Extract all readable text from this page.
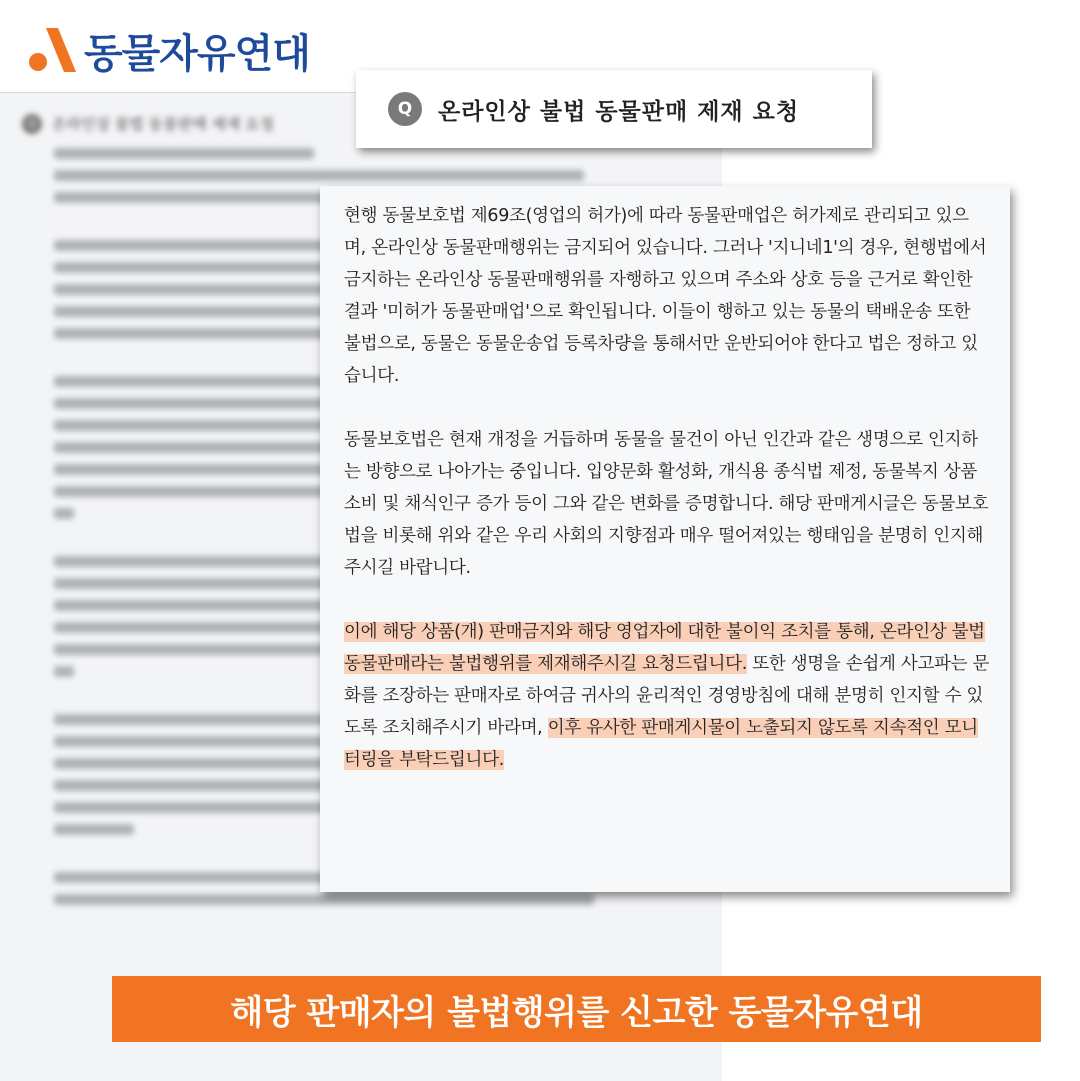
동물자유연대
Q	온라인상 불법 동물판매 제재 요청
Q	온라인상 불법 동물판매 제재 요청

현행 동물보호법 제69조(영업의 허가)에 따라 동물판매업은 허가제로 관리되고 있으며, 온라인상 동물판매행위는 금지되어 있습니다. 그러나 '지니네1'의 경우, 현행법에서 금지하는 온라인상 동물판매행위를 자행하고 있으며 주소와 상호 등을 근거로 확인한 결과 '미허가 동물판매업'으로 확인됩니다. 이들이 행하고 있는 동물의 택배운송 또한 불법으로, 동물은 동물운송업 등록차량을 통해서만 운반되어야 한다고 법은 정하고 있습니다.

동물보호법은 현재 개정을 거듭하며 동물을 물건이 아닌 인간과 같은 생명으로 인지하는 방향으로 나아가는 중입니다. 입양문화 활성화, 개식용 종식법 제정, 동물복지 상품 소비 및 채식인구 증가 등이 그와 같은 변화를 증명합니다. 해당 판매게시글은 동물보호법을 비롯해 위와 같은 우리 사회의 지향점과 매우 떨어져있는 행태임을 분명히 인지해주시길 바랍니다.

이에 해당 상품(개) 판매금지와 해당 영업자에 대한 불이익 조치를 통해, 온라인상 불법 동물판매라는 불법행위를 제재해주시길 요청드립니다. 또한 생명을 손쉽게 사고파는 문화를 조장하는 판매자로 하여금 귀사의 윤리적인 경영방침에 대해 분명히 인지할 수 있도록 조치해주시기 바라며, 이후 유사한 판매게시물이 노출되지 않도록 지속적인 모니터링을 부탁드립니다.

해당 판매자의 불법행위를 신고한 동물자유연대
